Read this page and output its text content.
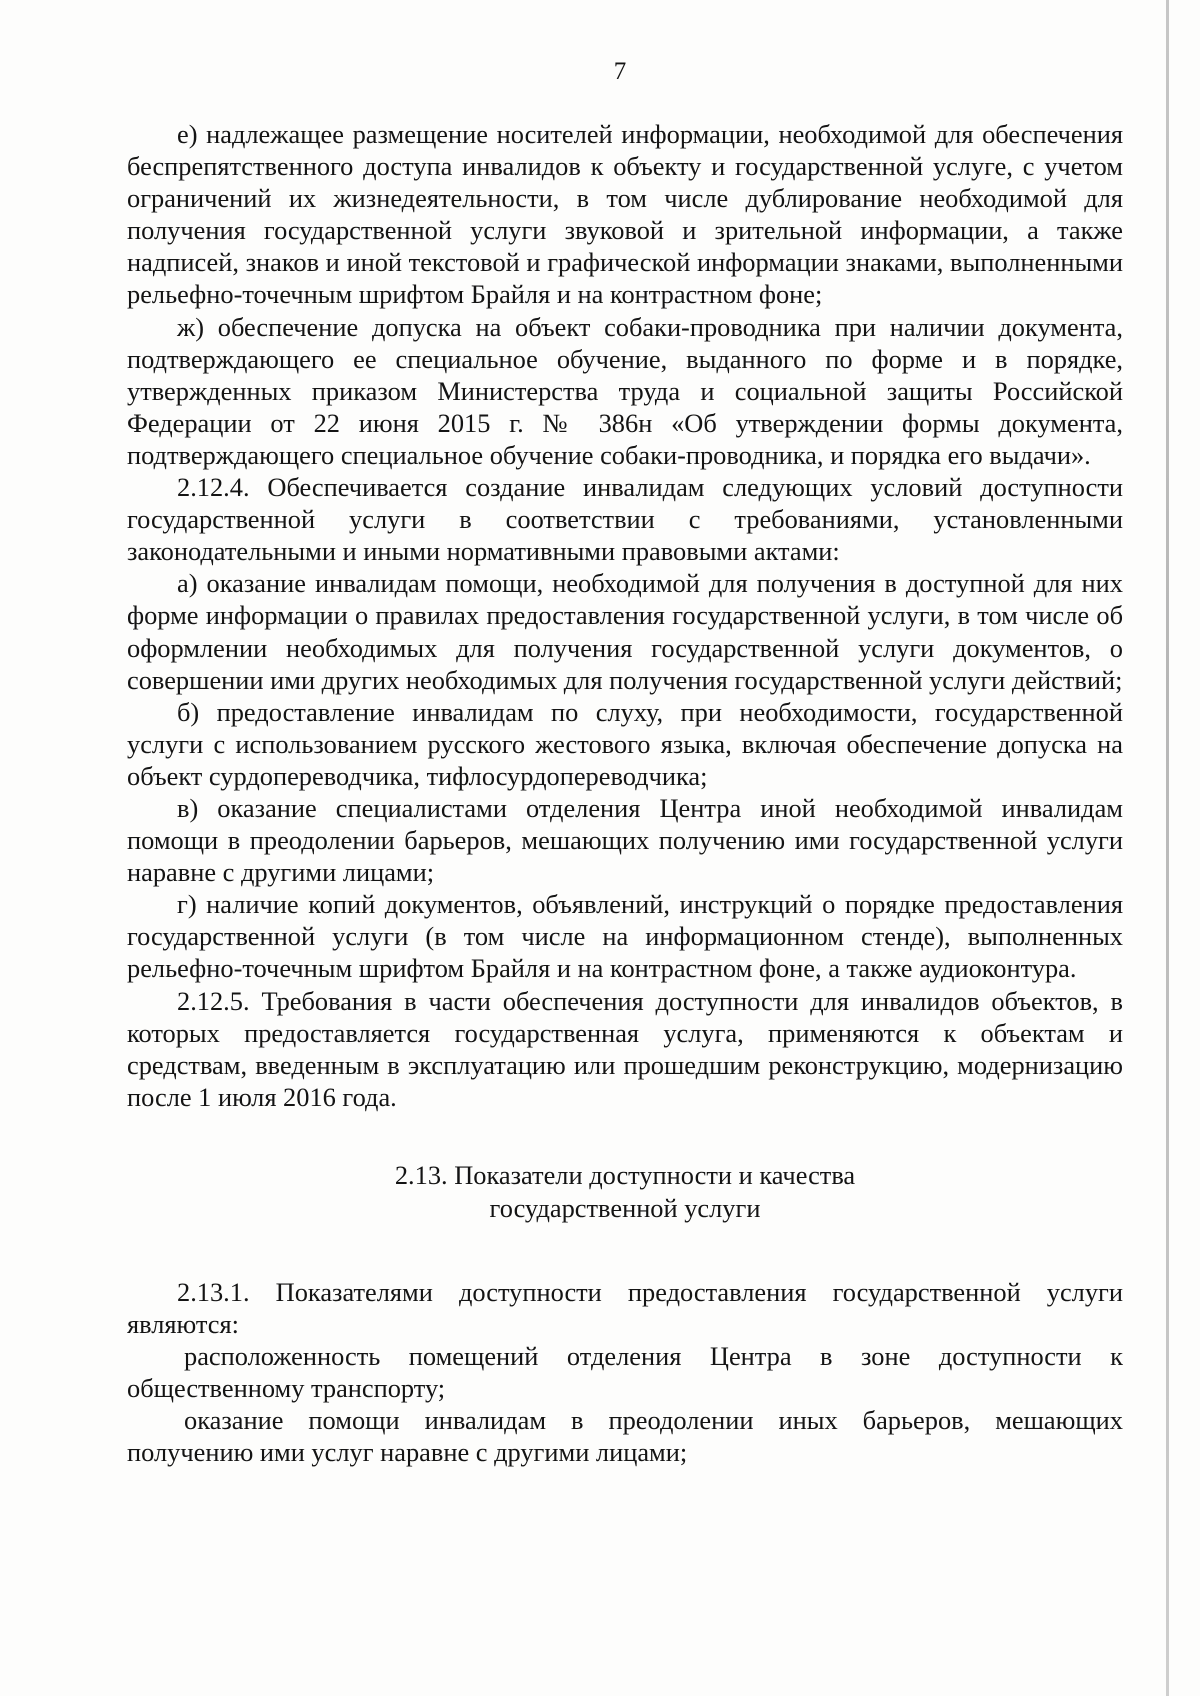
7

е) надлежащее размещение носителей информации, необходимой для обеспечения беспрепятственного доступа инвалидов к объекту и государственной услуге, с учетом ограничений их жизнедеятельности, в том числе дублирование необходимой для получения государственной услуги звуковой и зрительной информации, а также надписей, знаков и иной текстовой и графической информации знаками, выполненными рельефно-точечным шрифтом Брайля и на контрастном фоне;

ж) обеспечение допуска на объект собаки-проводника при наличии документа, подтверждающего ее специальное обучение, выданного по форме и в порядке, утвержденных приказом Министерства труда и социальной защиты Российской Федерации от 22 июня 2015 г. № 386н «Об утверждении формы документа, подтверждающего специальное обучение собаки-проводника, и порядка его выдачи».

2.12.4. Обеспечивается создание инвалидам следующих условий доступности государственной услуги в соответствии с требованиями, установленными законодательными и иными нормативными правовыми актами:

а) оказание инвалидам помощи, необходимой для получения в доступной для них форме информации о правилах предоставления государственной услуги, в том числе об оформлении необходимых для получения государственной услуги документов, о совершении ими других необходимых для получения государственной услуги действий;

б) предоставление инвалидам по слуху, при необходимости, государственной услуги с использованием русского жестового языка, включая обеспечение допуска на объект сурдопереводчика, тифлосурдопереводчика;

в) оказание специалистами отделения Центра иной необходимой инвалидам помощи в преодолении барьеров, мешающих получению ими государственной услуги наравне с другими лицами;

г) наличие копий документов, объявлений, инструкций о порядке предоставления государственной услуги (в том числе на информационном стенде), выполненных рельефно-точечным шрифтом Брайля и на контрастном фоне, а также аудиоконтура.

2.12.5. Требования в части обеспечения доступности для инвалидов объектов, в которых предоставляется государственная услуга, применяются к объектам и средствам, введенным в эксплуатацию или прошедшим реконструкцию, модернизацию после 1 июля 2016 года.

2.13. Показатели доступности и качества
государственной услуги

2.13.1. Показателями доступности предоставления государственной услуги являются:

расположенность помещений отделения Центра в зоне доступности к общественному транспорту;

оказание помощи инвалидам в преодолении иных барьеров, мешающих получению ими услуг наравне с другими лицами;
